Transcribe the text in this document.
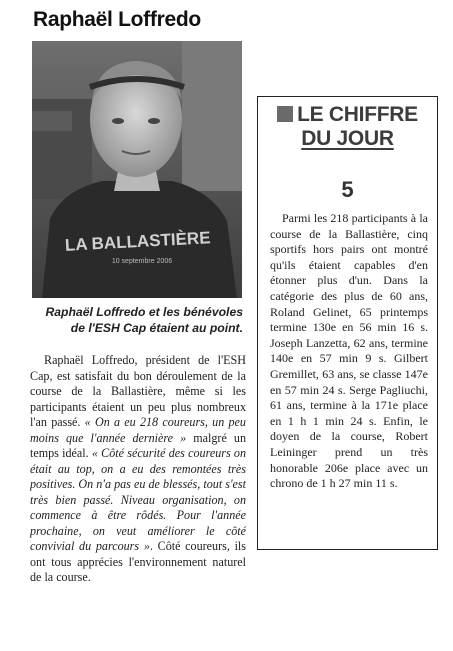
Raphaël Loffredo
LA BALLASTIÈRE
10 septembre 2006
Raphaël Loffredo et les bénévoles de l'ESH Cap étaient au point.

Raphaël Loffredo, président de l'ESH Cap, est satisfait du bon déroulement de la course de la Ballastière, même si les participants étaient un peu plus nombreux l'an passé. « On a eu 218 coureurs, un peu moins que l'année dernière » malgré un temps idéal. « Côté sécurité des coureurs on était au top, on a eu des remontées très positives. On n'a pas eu de blessés, tout s'est très bien passé. Niveau organisation, on commence à être rôdés. Pour l'année prochaine, on veut améliorer le côté convivial du parcours ». Côté coureurs, ils ont tous apprécies l'environnement naturel de la course.

LE CHIFFRE
DU JOUR
5

Parmi les 218 participants à la course de la Ballastière, cinq sportifs hors pairs ont montré qu'ils étaient capables d'en étonner plus d'un. Dans la catégorie des plus de 60 ans, Roland Gelinet, 65 printemps termine 130e en 56 min 16 s. Joseph Lanzetta, 62 ans, termine 140e en 57 min 9 s. Gilbert Gremillet, 63 ans, se classe 147e en 57 min 24 s. Serge Pagliuchi, 61 ans, termine à la 171e place en 1 h 1 min 24 s. Enfin, le doyen de la course, Robert Leininger prend un très honorable 206e place avec un chrono de 1 h 27 min 11 s.
